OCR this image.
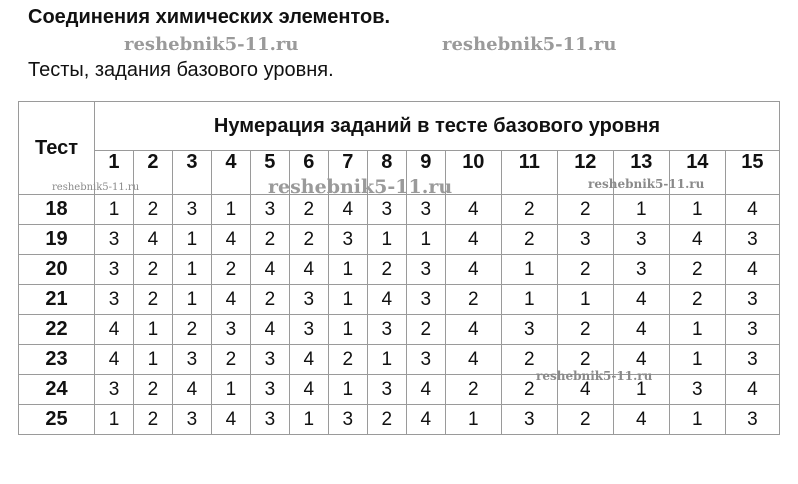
Соединения химических элементов.
reshebnik5-11.ru	reshebnik5-11.ru
Тесты, задания базового уровня.
Тест	Нумерация заданий в тесте базового уровня														
	1	2	3	4	5	6	7	8	9	10	11	12	13	14	15
18	1	2	3	1	3	2	4	3	3	4	2	2	1	1	4
19	3	4	1	4	2	2	3	1	1	4	2	3	3	4	3
20	3	2	1	2	4	4	1	2	3	4	1	2	3	2	4
21	3	2	1	4	2	3	1	4	3	2	1	1	4	2	3
22	4	1	2	3	4	3	1	3	2	4	3	2	4	1	3
23	4	1	3	2	3	4	2	1	3	4	2	2	4	1	3
24	3	2	4	1	3	4	1	3	4	2	2	4	1	3	4
25	1	2	3	4	3	1	3	2	4	1	3	2	4	1	3
reshebnik5-11.ru	reshebnik5-11.ru	reshebnik5-11.ru
reshebnik5-11.ru
